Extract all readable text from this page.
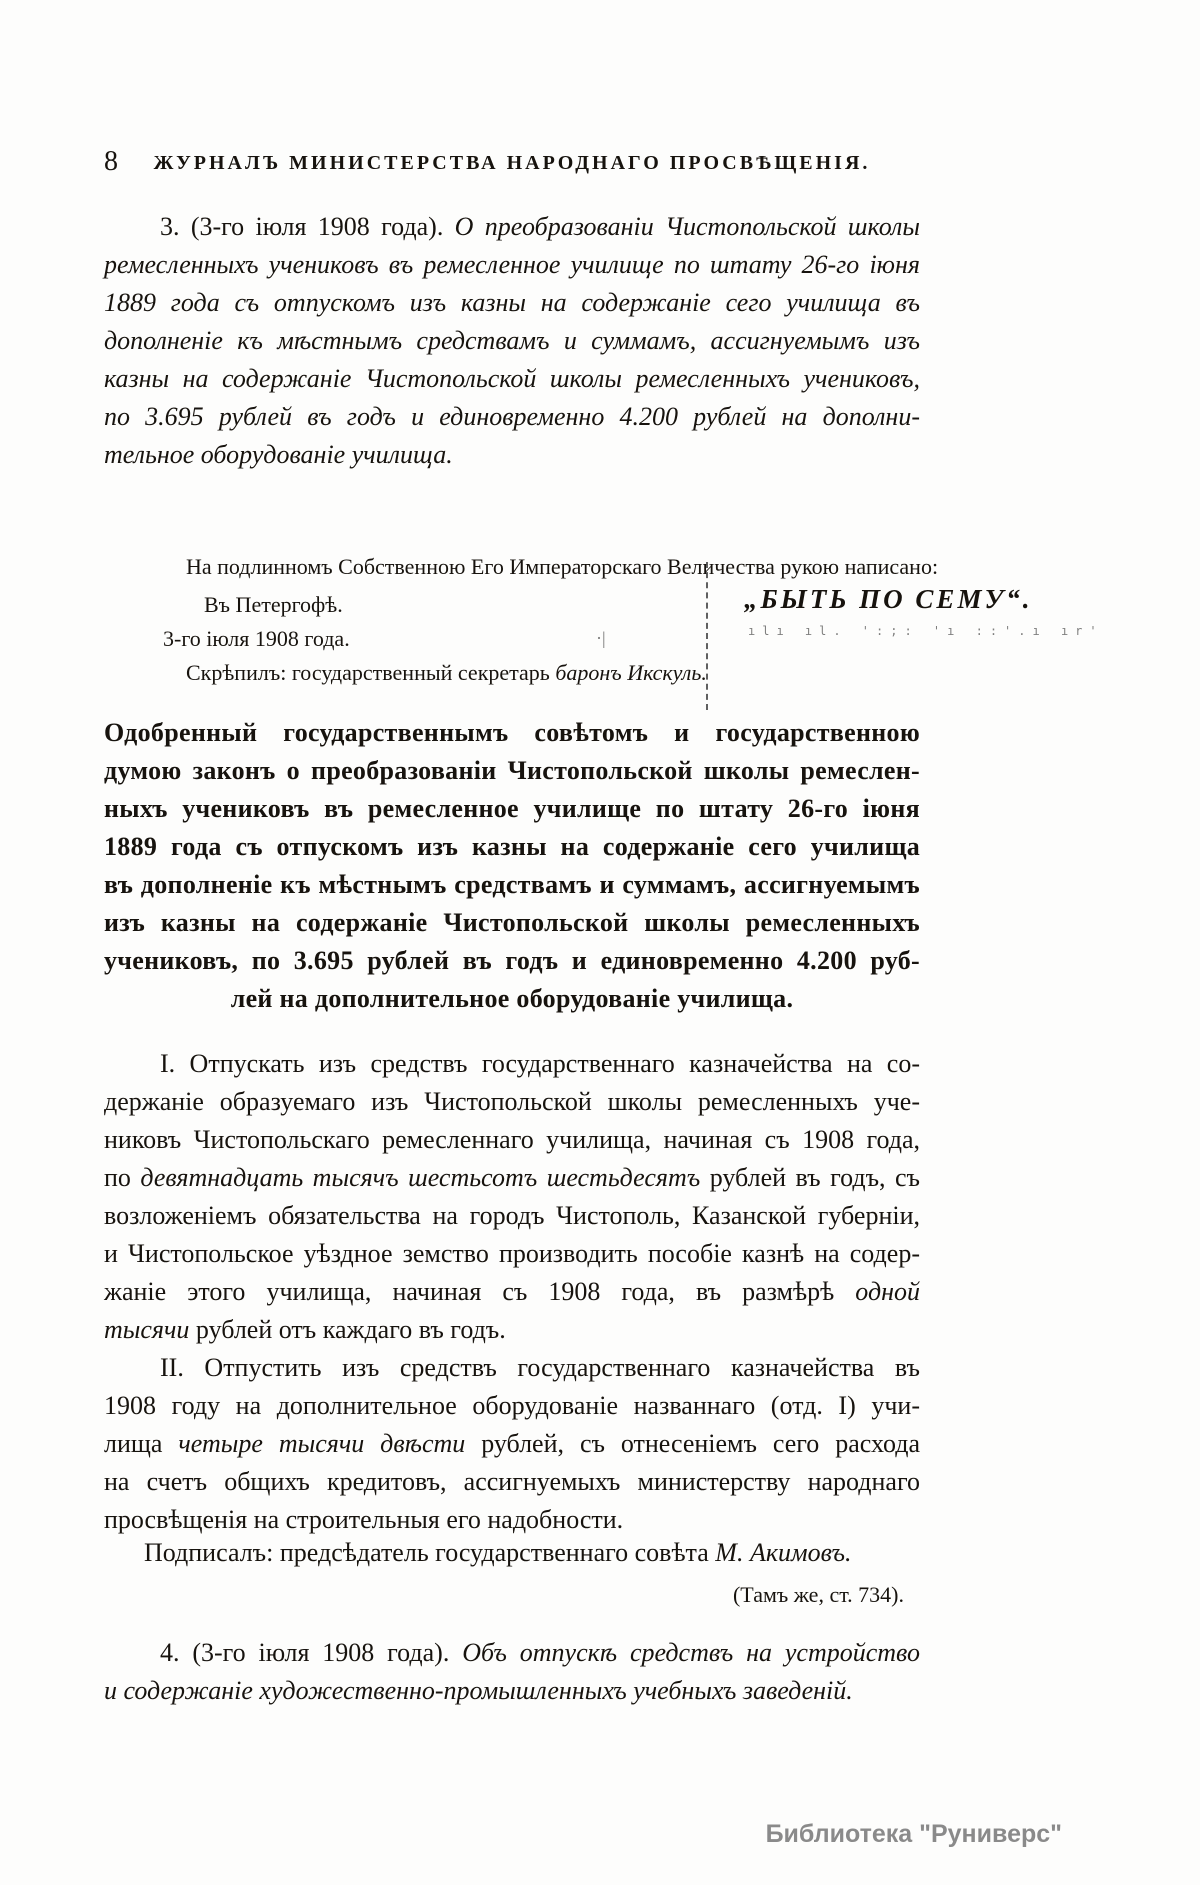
8	ЖУРНАЛЪ МИНИСТЕРСТВА НАРОДНАГО ПРОСВѢЩЕНІЯ.
3. (3-го іюля 1908 года). О преобразованіи Чистопольской школы
ремесленныхъ учениковъ въ ремесленное училище по штату 26-го іюня
1889 года съ отпускомъ изъ казны на содержаніе сего училища въ
дополненіе къ мѣстнымъ средствамъ и суммамъ, ассигнуемымъ изъ
казны на содержаніе Чистопольской школы ремесленныхъ учениковъ,
по 3.695 рублей въ годъ и единовременно 4.200 рублей на дополни-
тельное оборудованіе училища.
На подлинномъ Собственною Его Императорскаго Величества рукою написано:
Въ Петергофѣ.
3-го іюля 1908 года.
„БЫТЬ ПО СЕМУ“.
ılı ıl. ':;: 'ı ::'.ı ır'
·|
Скрѣпилъ: государственный секретарь баронъ Икскуль.
Одобренный государственнымъ совѣтомъ и государственною
думою законъ о преобразованіи Чистопольской школы ремеслен-
ныхъ учениковъ въ ремесленное училище по штату 26-го іюня
1889 года съ отпускомъ изъ казны на содержаніе сего училища
въ дополненіе къ мѣстнымъ средствамъ и суммамъ, ассигнуемымъ
изъ казны на содержаніе Чистопольской школы ремесленныхъ
учениковъ, по 3.695 рублей въ годъ и единовременно 4.200 руб-
лей на дополнительное оборудованіе училища.
I. Отпускать изъ средствъ государственнаго казначейства на со-
держаніе образуемаго изъ Чистопольской школы ремесленныхъ уче-
никовъ Чистопольскаго ремесленнаго училища, начиная съ 1908 года,
по девятнадцать тысячъ шестьсотъ шестьдесятъ рублей въ годъ, съ
возложеніемъ обязательства на городъ Чистополь, Казанской губерніи,
и Чистопольское уѣздное земство производить пособіе казнѣ на содер-
жаніе этого училища, начиная съ 1908 года, въ размѣрѣ одной
тысячи рублей отъ каждаго въ годъ.
II. Отпустить изъ средствъ государственнаго казначейства въ
1908 году на дополнительное оборудованіе названнаго (отд. I) учи-
лища четыре тысячи двѣсти рублей, съ отнесеніемъ сего расхода
на счетъ общихъ кредитовъ, ассигнуемыхъ министерству народнаго
просвѣщенія на строительныя его надобности.
Подписалъ: предсѣдатель государственнаго совѣта М. Акимовъ.
(Тамъ же, ст. 734).
4. (3-го іюля 1908 года). Объ отпускѣ средствъ на устройство
и содержаніе художественно-промышленныхъ учебныхъ заведеній.
Библиотека "Руниверс"
